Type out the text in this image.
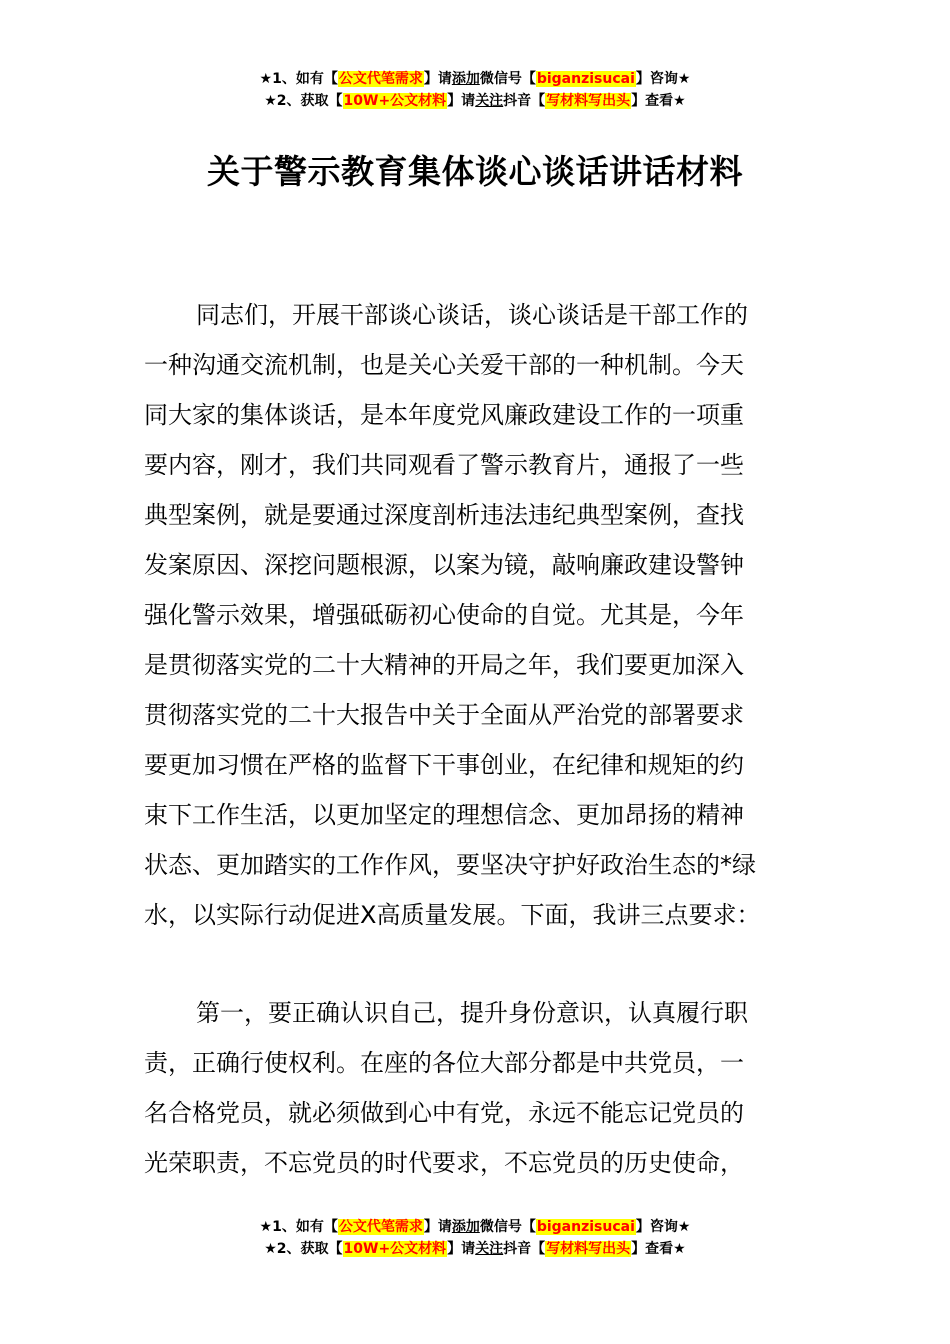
★1、如有【公文代笔需求】请添加微信号【biganzisucai】咨询★
★2、获取【10W+公文材料】请关注抖音【写材料写出头】查看★
关于警示教育集体谈心谈话讲话材料
同志们，开展干部谈心谈话，谈心谈话是干部工作的
一种沟通交流机制，也是关心关爱干部的一种机制。今天
同大家的集体谈话，是本年度党风廉政建设工作的一项重
要内容，刚才，我们共同观看了警示教育片，通报了一些
典型案例，就是要通过深度剖析违法违纪典型案例，查找
发案原因、深挖问题根源，以案为镜，敲响廉政建设警钟
强化警示效果，增强砥砺初心使命的自觉。尤其是，今年
是贯彻落实党的二十大精神的开局之年，我们要更加深入
贯彻落实党的二十大报告中关于全面从严治党的部署要求
要更加习惯在严格的监督下干事创业，在纪律和规矩的约
束下工作生活，以更加坚定的理想信念、更加昂扬的精神
状态、更加踏实的工作作风，要坚决守护好政治生态的*绿
水，以实际行动促进X高质量发展。下面，我讲三点要求：
第一，要正确认识自己，提升身份意识，认真履行职
责，正确行使权利。在座的各位大部分都是中共党员，一
名合格党员，就必须做到心中有党，永远不能忘记党员的
光荣职责，不忘党员的时代要求，不忘党员的历史使命，
★1、如有【公文代笔需求】请添加微信号【biganzisucai】咨询★
★2、获取【10W+公文材料】请关注抖音【写材料写出头】查看★
